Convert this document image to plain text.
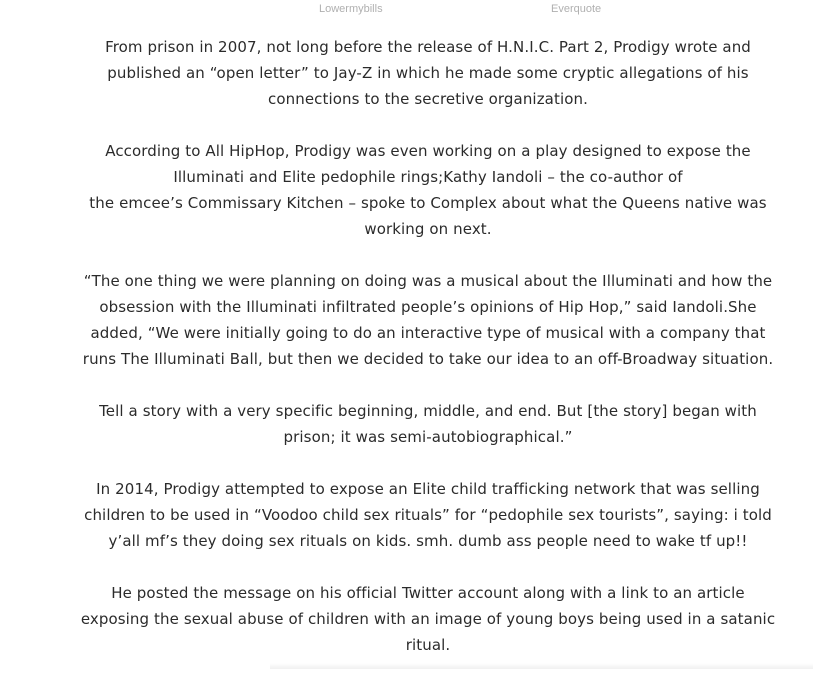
Lowermybills	Everquote

From prison in 2007, not long before the release of H.N.I.C. Part 2, Prodigy wrote and published an “open letter” to Jay-Z in which he made some cryptic allegations of his connections to the secretive organization.

According to All HipHop, Prodigy was even working on a play designed to expose the Illuminati and Elite pedophile rings;Kathy Iandoli – the co-author of
the emcee’s Commissary Kitchen – spoke to Complex about what the Queens native was working on next.

“The one thing we were planning on doing was a musical about the Illuminati and how the obsession with the Illuminati infiltrated people’s opinions of Hip Hop,” said Iandoli.She added, “We were initially going to do an interactive type of musical with a company that runs The Illuminati Ball, but then we decided to take our idea to an off-Broadway situation.

Tell a story with a very specific beginning, middle, and end. But [the story] began with prison; it was semi-autobiographical.”

In 2014, Prodigy attempted to expose an Elite child trafficking network that was selling children to be used in “Voodoo child sex rituals” for “pedophile sex tourists”, saying: i told y’all mf’s they doing sex rituals on kids. smh. dumb ass people need to wake tf up!!

He posted the message on his official Twitter account along with a link to an article exposing the sexual abuse of children with an image of young boys being used in a satanic ritual.
